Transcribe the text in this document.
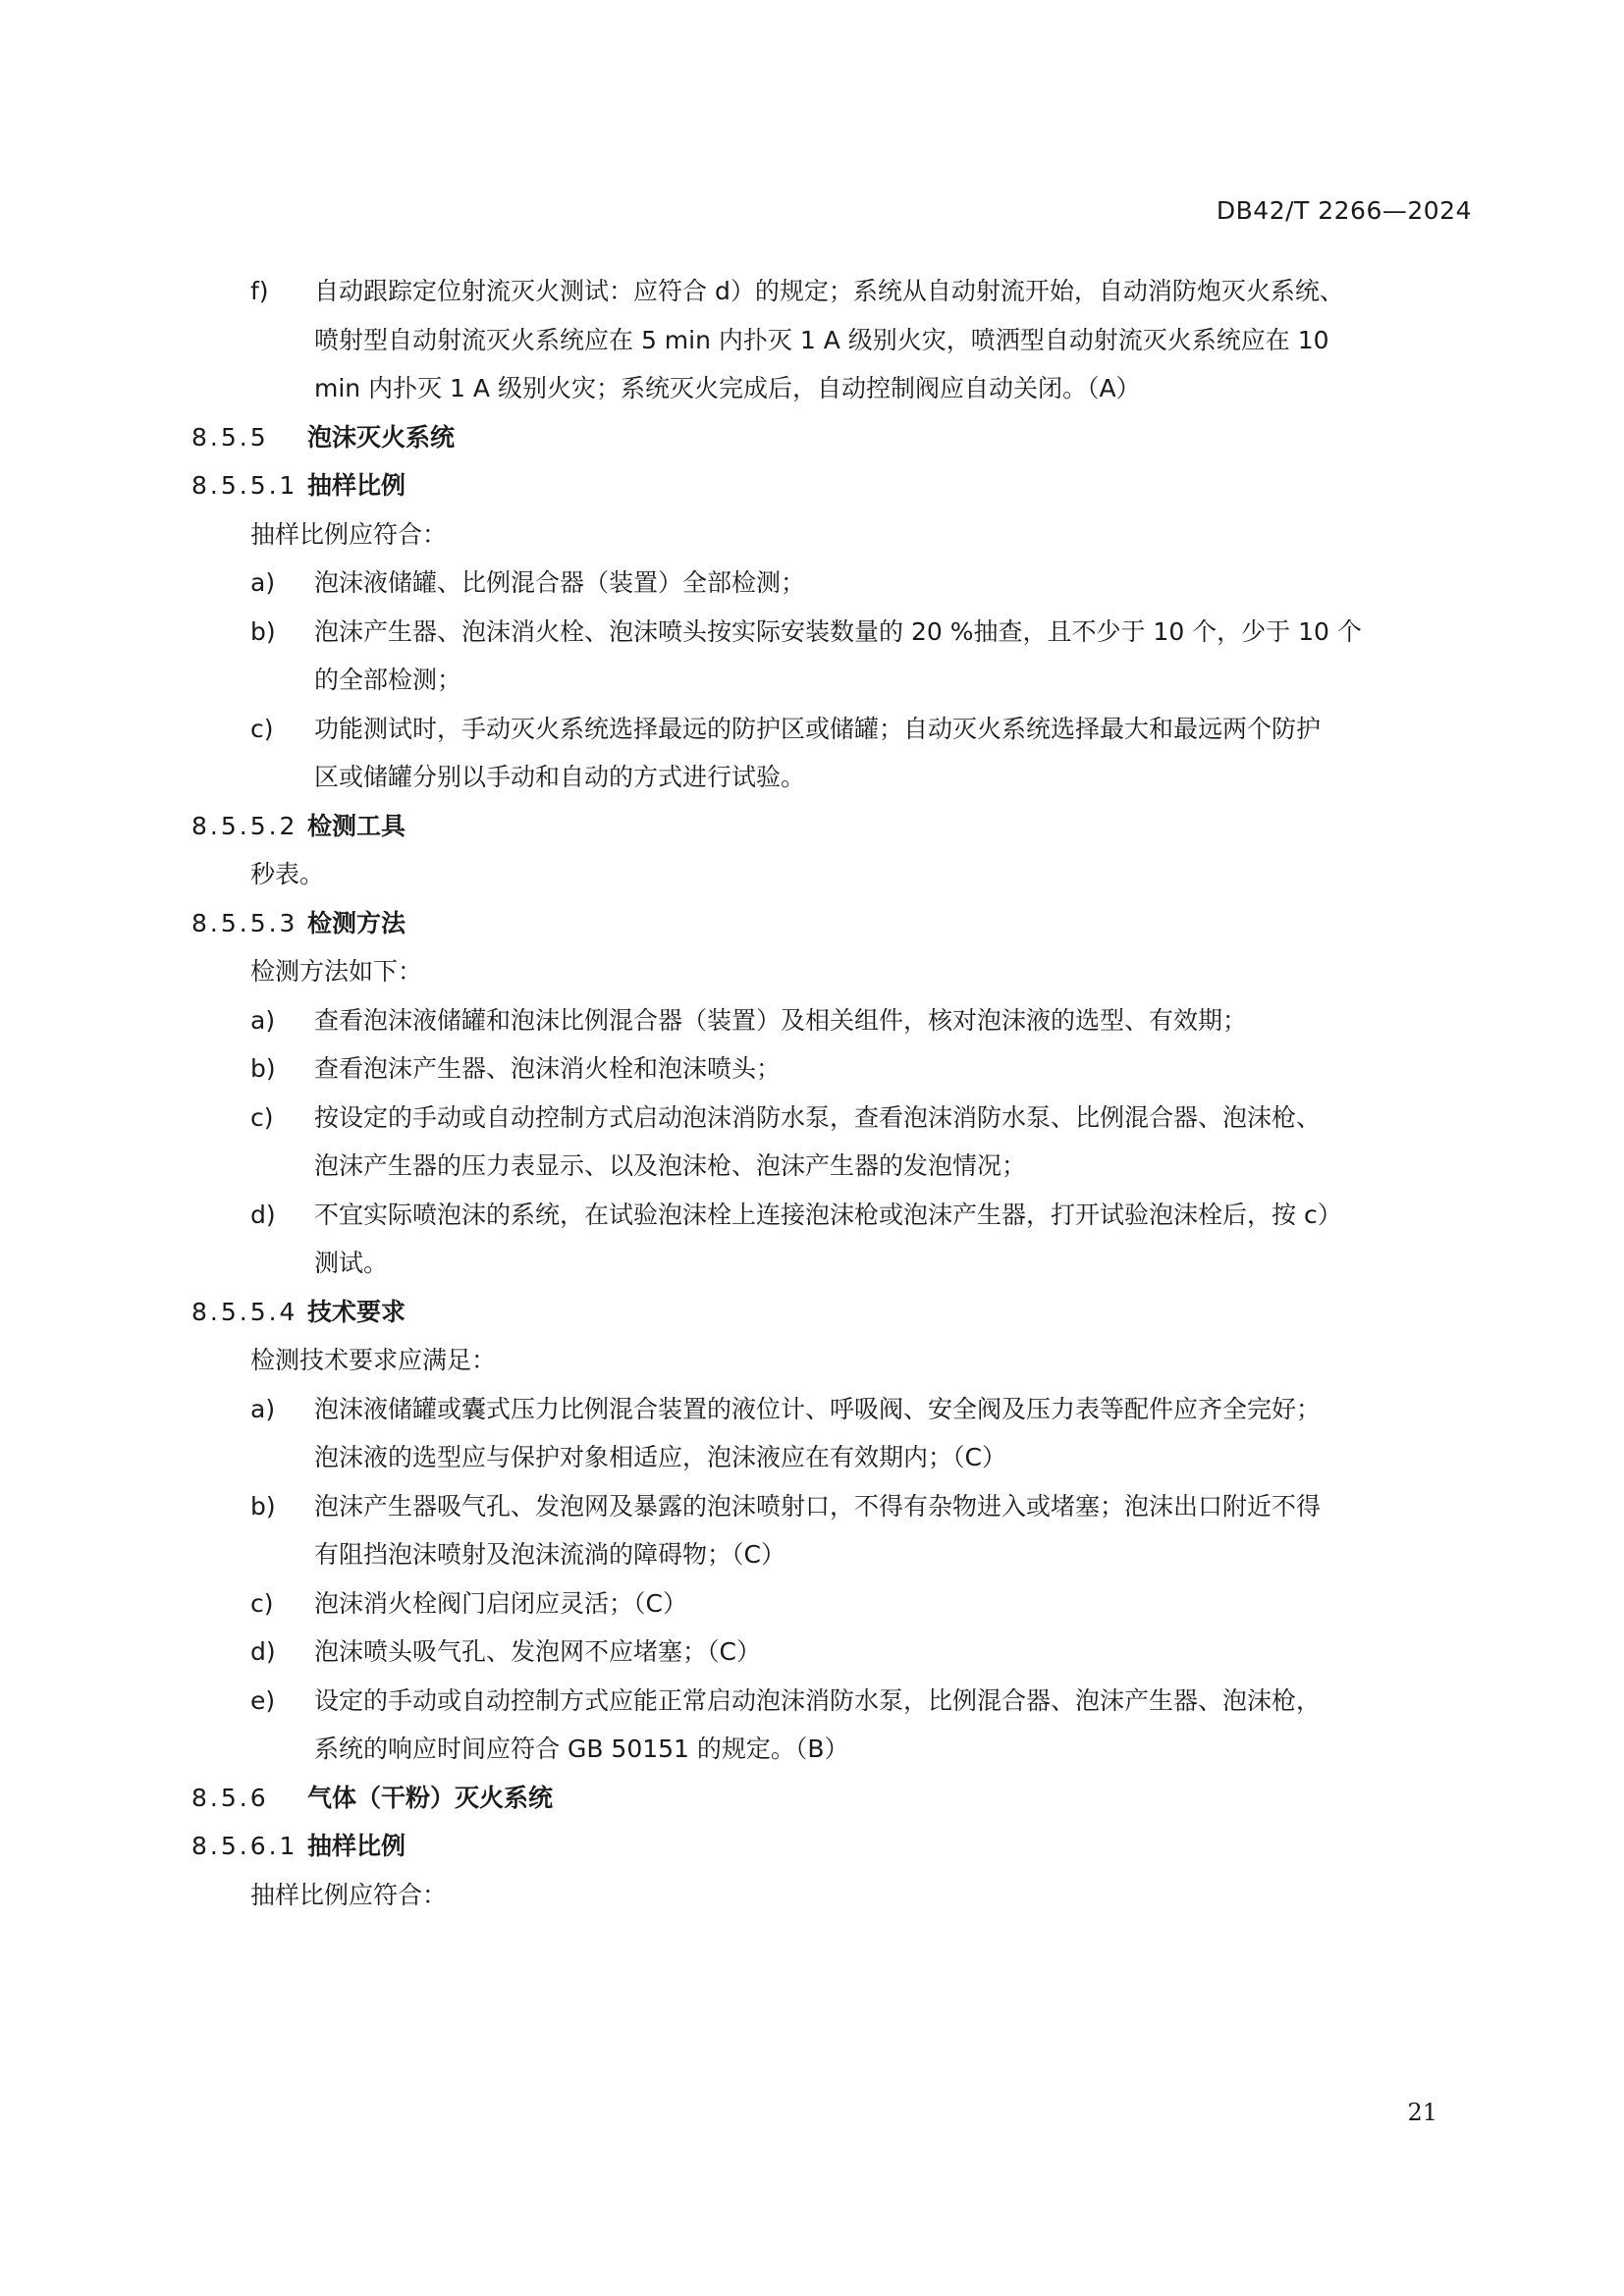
DB42/T 2266—2024
f) 自动跟踪定位射流灭火测试：应符合 d）的规定；系统从自动射流开始，自动消防炮灭火系统、
喷射型自动射流灭火系统应在 5 min 内扑灭 1 A 级别火灾，喷洒型自动射流灭火系统应在 10
min 内扑灭 1 A 级别火灾；系统灭火完成后，自动控制阀应自动关闭。（A）
8.5.5 泡沫灭火系统
8.5.5.1 抽样比例
抽样比例应符合：
a) 泡沫液储罐、比例混合器（装置）全部检测；
b) 泡沫产生器、泡沫消火栓、泡沫喷头按实际安装数量的 20 %抽查，且不少于 10 个，少于 10 个
的全部检测；
c) 功能测试时，手动灭火系统选择最远的防护区或储罐；自动灭火系统选择最大和最远两个防护
区或储罐分别以手动和自动的方式进行试验。
8.5.5.2 检测工具
秒表。
8.5.5.3 检测方法
检测方法如下：
a) 查看泡沫液储罐和泡沫比例混合器（装置）及相关组件，核对泡沫液的选型、有效期；
b) 查看泡沫产生器、泡沫消火栓和泡沫喷头；
c) 按设定的手动或自动控制方式启动泡沫消防水泵，查看泡沫消防水泵、比例混合器、泡沫枪、
泡沫产生器的压力表显示、以及泡沫枪、泡沫产生器的发泡情况；
d) 不宜实际喷泡沫的系统，在试验泡沫栓上连接泡沫枪或泡沫产生器，打开试验泡沫栓后，按 c）
测试。
8.5.5.4 技术要求
检测技术要求应满足：
a) 泡沫液储罐或囊式压力比例混合装置的液位计、呼吸阀、安全阀及压力表等配件应齐全完好；
泡沫液的选型应与保护对象相适应，泡沫液应在有效期内；（C）
b) 泡沫产生器吸气孔、发泡网及暴露的泡沫喷射口，不得有杂物进入或堵塞；泡沫出口附近不得
有阻挡泡沫喷射及泡沫流淌的障碍物；（C）
c) 泡沫消火栓阀门启闭应灵活；（C）
d) 泡沫喷头吸气孔、发泡网不应堵塞；（C）
e) 设定的手动或自动控制方式应能正常启动泡沫消防水泵，比例混合器、泡沫产生器、泡沫枪，
系统的响应时间应符合 GB 50151 的规定。（B）
8.5.6 气体（干粉）灭火系统
8.5.6.1 抽样比例
抽样比例应符合：
21
